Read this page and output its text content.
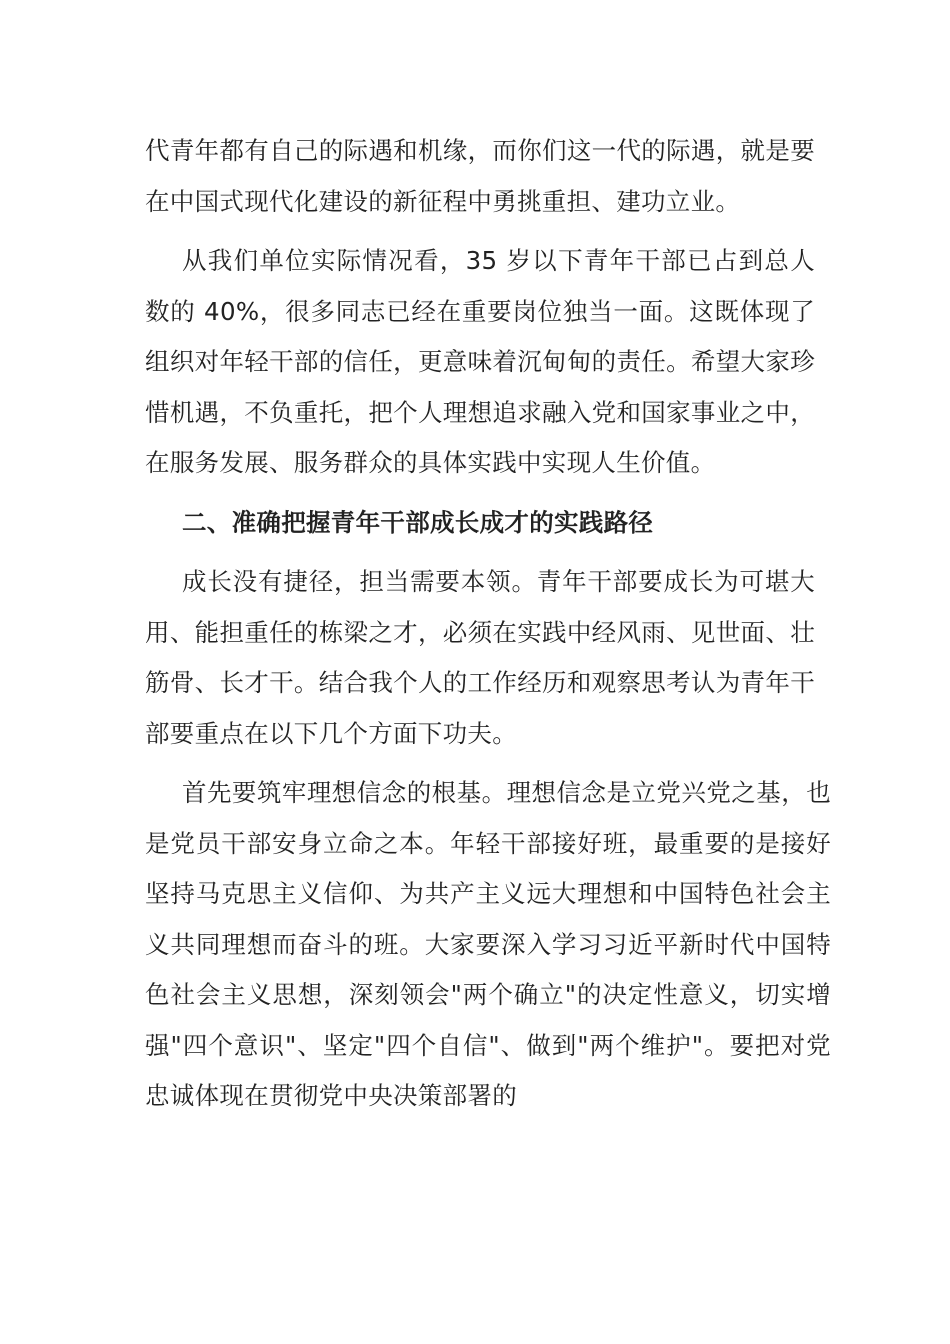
代青年都有自己的际遇和机缘，而你们这一代的际遇，就是要在中国式现代化建设的新征程中勇挑重担、建功立业。

从我们单位实际情况看，35 岁以下青年干部已占到总人数的 40%，很多同志已经在重要岗位独当一面。这既体现了组织对年轻干部的信任，更意味着沉甸甸的责任。希望大家珍惜机遇，不负重托，把个人理想追求融入党和国家事业之中，在服务发展、服务群众的具体实践中实现人生价值。

二、准确把握青年干部成长成才的实践路径

成长没有捷径，担当需要本领。青年干部要成长为可堪大用、能担重任的栋梁之才，必须在实践中经风雨、见世面、壮筋骨、长才干。结合我个人的工作经历和观察思考认为青年干部要重点在以下几个方面下功夫。

首先要筑牢理想信念的根基。理想信念是立党兴党之基，也是党员干部安身立命之本。年轻干部接好班，最重要的是接好坚持马克思主义信仰、为共产主义远大理想和中国特色社会主义共同理想而奋斗的班。大家要深入学习习近平新时代中国特色社会主义思想，深刻领会"两个确立"的决定性意义，切实增强"四个意识"、坚定"四个自信"、做到"两个维护"。要把对党忠诚体现在贯彻党中央决策部署的
